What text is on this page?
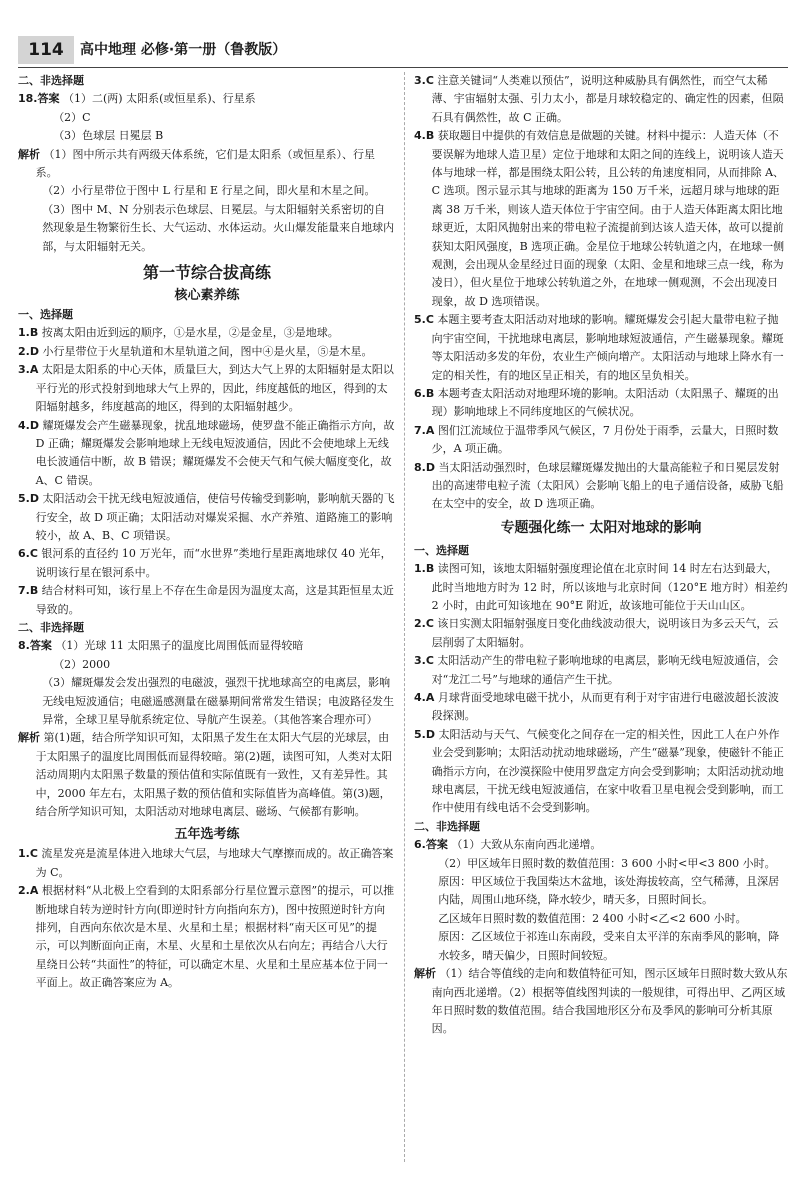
114	高中地理 必修·第一册（鲁教版）

二、非选择题

18.答案 （1）二(两) 太阳系(或恒星系)、行星系

（2）C

（3）色球层 日冕层 B

解析 （1）图中所示共有两级天体系统，它们是太阳系（或恒星系）、行星系。

（2）小行星带位于图中 L 行星和 E 行星之间，即火星和木星之间。

（3）图中 M、N 分别表示色球层、日冕层。与太阳辐射关系密切的自然现象是生物繁衍生长、大气运动、水体运动。火山爆发能量来自地球内部，与太阳辐射无关。

第一节综合拔高练

核心素养练

一、选择题

1.B 按离太阳由近到远的顺序，①是水星，②是金星，③是地球。

2.D 小行星带位于火星轨道和木星轨道之间，图中④是火星，⑤是木星。

3.A 太阳是太阳系的中心天体，质量巨大，到达大气上界的太阳辐射是太阳以平行光的形式投射到地球大气上界的，因此，纬度越低的地区，得到的太阳辐射越多，纬度越高的地区，得到的太阳辐射越少。

4.D 耀斑爆发会产生磁暴现象，扰乱地球磁场，使罗盘不能正确指示方向，故 D 正确；耀斑爆发会影响地球上无线电短波通信，因此不会使地球上无线电长波通信中断，故 B 错误；耀斑爆发不会使天气和气候大幅度变化，故 A、C 错误。

5.D 太阳活动会干扰无线电短波通信，使信号传输受到影响，影响航天器的飞行安全，故 D 项正确；太阳活动对爆炭采掘、水产养殖、道路施工的影响较小，故 A、B、C 项错误。

6.C 银河系的直径约 10 万光年，而“水世界”类地行星距离地球仅 40 光年，说明该行星在银河系中。

7.B 结合材料可知，该行星上不存在生命是因为温度太高，这是其距恒星太近导致的。

二、非选择题

8.答案 （1）光球 11 太阳黑子的温度比周围低而显得较暗

（2）2000

（3）耀斑爆发会发出强烈的电磁波，强烈干扰地球高空的电离层，影响无线电短波通信；电磁遥感测量在磁暴期间常常发生错误；电波路径发生异常，全球卫星导航系统定位、导航产生误差。（其他答案合理亦可）

解析 第(1)题，结合所学知识可知，太阳黑子发生在太阳大气层的光球层，由于太阳黑子的温度比周围低而显得较暗。第(2)题，读图可知，人类对太阳活动周期内太阳黑子数量的预估值和实际值既有一致性，又有差异性。其中，2000 年左右，太阳黑子数的预估值和实际值皆为高峰值。第(3)题，结合所学知识可知，太阳活动对地球电离层、磁场、气候都有影响。

五年选考练

1.C 流星发亮是流星体进入地球大气层，与地球大气摩擦而成的。故正确答案为 C。

2.A 根据材料“从北极上空看到的太阳系部分行星位置示意图”的提示，可以推断地球自转为逆时针方向(即逆时针方向指向东方)，图中按照逆时针方向排列，自西向东依次是木星、火星和土星；根据材料“南天区可见”的提示，可以判断面向正南，木星、火星和土星依次从右向左；再结合八大行星绕日公转“共面性”的特征，可以确定木星、火星和土星应基本位于同一平面上。故正确答案应为 A。

3.C 注意关键词“人类难以预估”，说明这种威胁具有偶然性，而空气太稀薄、宇宙辐射太强、引力太小，都是月球较稳定的、确定性的因素，但陨石具有偶然性，故 C 正确。

4.B 获取题目中提供的有效信息是做题的关键。材料中提示：人造天体（不要误解为地球人造卫星）定位于地球和太阳之间的连线上，说明该人造天体与地球一样，都是围绕太阳公转，且公转的角速度相同，从而排除 A、C 选项。图示显示其与地球的距离为 150 万千米，远超月球与地球的距离 38 万千米，则该人造天体位于宇宙空间。由于人造天体距离太阳比地球更近，太阳风抛射出来的带电粒子流提前到达该人造天体，故可以提前获知太阳风强度，B 选项正确。金星位于地球公转轨道之内，在地球一侧观测，会出现从金星经过日面的现象（太阳、金星和地球三点一线，称为凌日），但火星位于地球公转轨道之外，在地球一侧观测，不会出现凌日现象，故 D 选项错误。

5.C 本题主要考查太阳活动对地球的影响。耀斑爆发会引起大量带电粒子抛向宇宙空间，干扰地球电离层，影响地球短波通信，产生磁暴现象。耀斑等太阳活动多发的年份，农业生产倾向增产。太阳活动与地球上降水有一定的相关性，有的地区呈正相关，有的地区呈负相关。

6.B 本题考查太阳活动对地理环境的影响。太阳活动（太阳黑子、耀斑的出现）影响地球上不同纬度地区的气候状况。

7.A 图们江流域位于温带季风气候区，7 月份处于雨季，云量大，日照时数少，A 项正确。

8.D 当太阳活动强烈时，色球层耀斑爆发抛出的大量高能粒子和日冕层发射出的高速带电粒子流（太阳风）会影响飞船上的电子通信设备，威胁飞船在太空中的安全，故 D 选项正确。

专题强化练一 太阳对地球的影响

一、选择题

1.B 读图可知，该地太阳辐射强度理论值在北京时间 14 时左右达到最大，此时当地地方时为 12 时，所以该地与北京时间（120°E 地方时）相差约 2 小时，由此可知该地在 90°E 附近，故该地可能位于天山山区。

2.C 该日实测太阳辐射强度日变化曲线波动很大，说明该日为多云天气，云层削弱了太阳辐射。

3.C 太阳活动产生的带电粒子影响地球的电离层，影响无线电短波通信，会对“龙江二号”与地球的通信产生干扰。

4.A 月球背面受地球电磁干扰小，从而更有利于对宇宙进行电磁波超长波波段探测。

5.D 太阳活动与天气、气候变化之间存在一定的相关性，因此工人在户外作业会受到影响；太阳活动扰动地球磁场，产生“磁暴”现象，使磁针不能正确指示方向，在沙漠探险中使用罗盘定方向会受到影响；太阳活动扰动地球电离层，干扰无线电短波通信，在家中收看卫星电视会受到影响，而工作中使用有线电话不会受到影响。

二、非选择题

6.答案 （1）大致从东南向西北递增。

（2）甲区域年日照时数的数值范围：3 600 小时<甲<3 800 小时。

原因：甲区域位于我国柴达木盆地，该处海拔较高，空气稀薄，且深居内陆，周围山地环绕，降水较少，晴天多，日照时间长。

乙区域年日照时数的数值范围：2 400 小时<乙<2 600 小时。

原因：乙区域位于祁连山东南段，受来自太平洋的东南季风的影响，降水较多，晴天偏少，日照时间较短。

解析 （1）结合等值线的走向和数值特征可知，图示区域年日照时数大致从东南向西北递增。（2）根据等值线图判读的一般规律，可得出甲、乙两区域年日照时数的数值范围。结合我国地形区分布及季风的影响可分析其原因。
